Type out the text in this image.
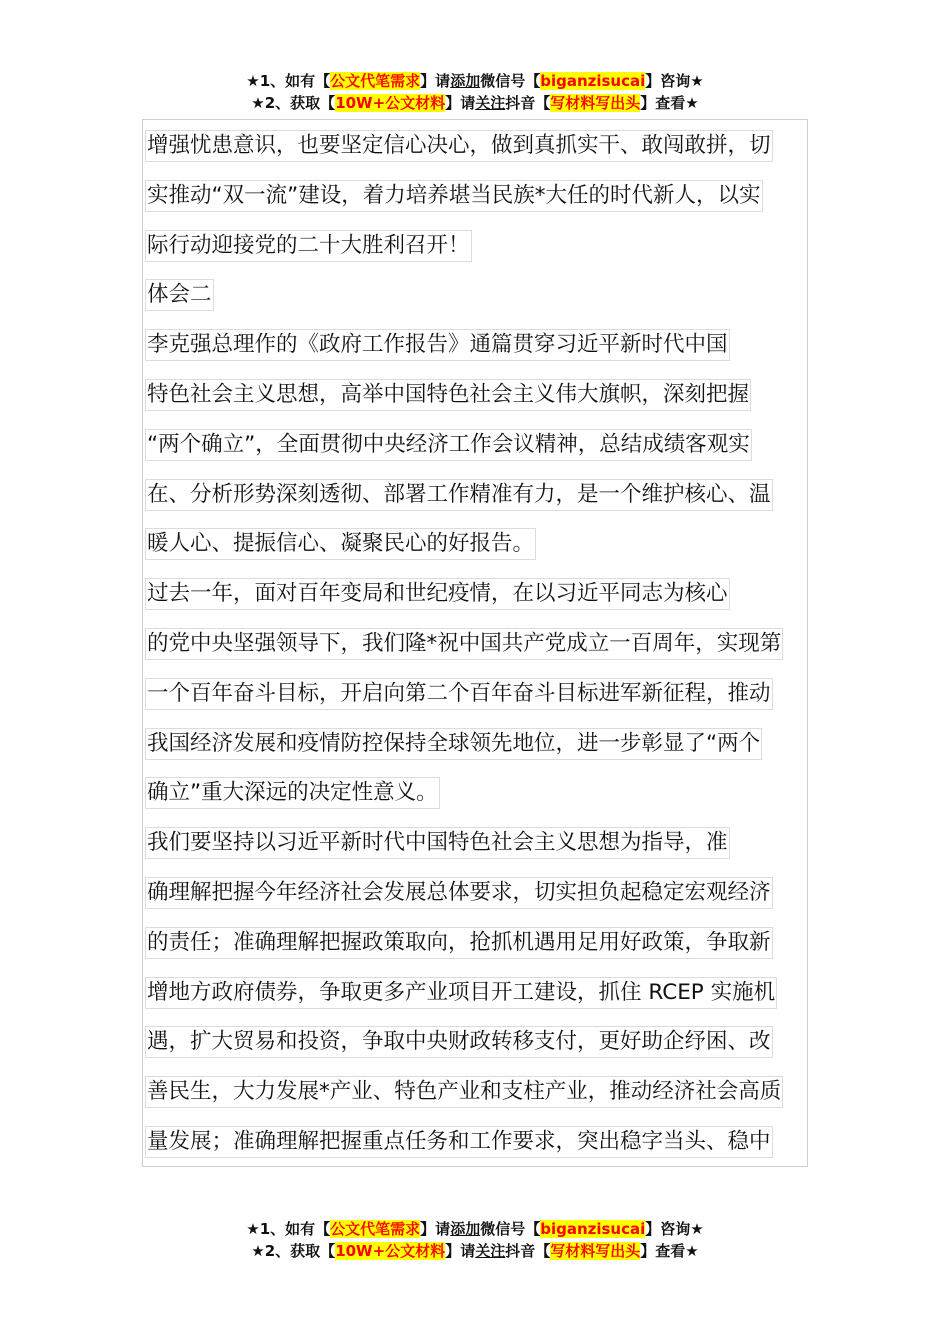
★1、如有【公文代笔需求】请添加微信号【biganzisucai】咨询★
★2、获取【10W+公文材料】请关注抖音【写材料写出头】查看★
增强忧患意识，也要坚定信心决心，做到真抓实干、敢闯敢拼，切
实推动“双一流”建设，着力培养堪当民族*大任的时代新人，以实
际行动迎接党的二十大胜利召开！
体会二
李克强总理作的《政府工作报告》通篇贯穿习近平新时代中国
特色社会主义思想，高举中国特色社会主义伟大旗帜，深刻把握
“两个确立”，全面贯彻中央经济工作会议精神，总结成绩客观实
在、分析形势深刻透彻、部署工作精准有力，是一个维护核心、温
暖人心、提振信心、凝聚民心的好报告。
过去一年，面对百年变局和世纪疫情，在以习近平同志为核心
的党中央坚强领导下，我们隆*祝中国共产党成立一百周年，实现第
一个百年奋斗目标，开启向第二个百年奋斗目标进军新征程，推动
我国经济发展和疫情防控保持全球领先地位，进一步彰显了“两个
确立”重大深远的决定性意义。
我们要坚持以习近平新时代中国特色社会主义思想为指导，准
确理解把握今年经济社会发展总体要求，切实担负起稳定宏观经济
的责任；准确理解把握政策取向，抢抓机遇用足用好政策，争取新
增地方政府债券，争取更多产业项目开工建设，抓住 RCEP 实施机
遇，扩大贸易和投资，争取中央财政转移支付，更好助企纾困、改
善民生，大力发展*产业、特色产业和支柱产业，推动经济社会高质
量发展；准确理解把握重点任务和工作要求，突出稳字当头、稳中
★1、如有【公文代笔需求】请添加微信号【biganzisucai】咨询★
★2、获取【10W+公文材料】请关注抖音【写材料写出头】查看★
